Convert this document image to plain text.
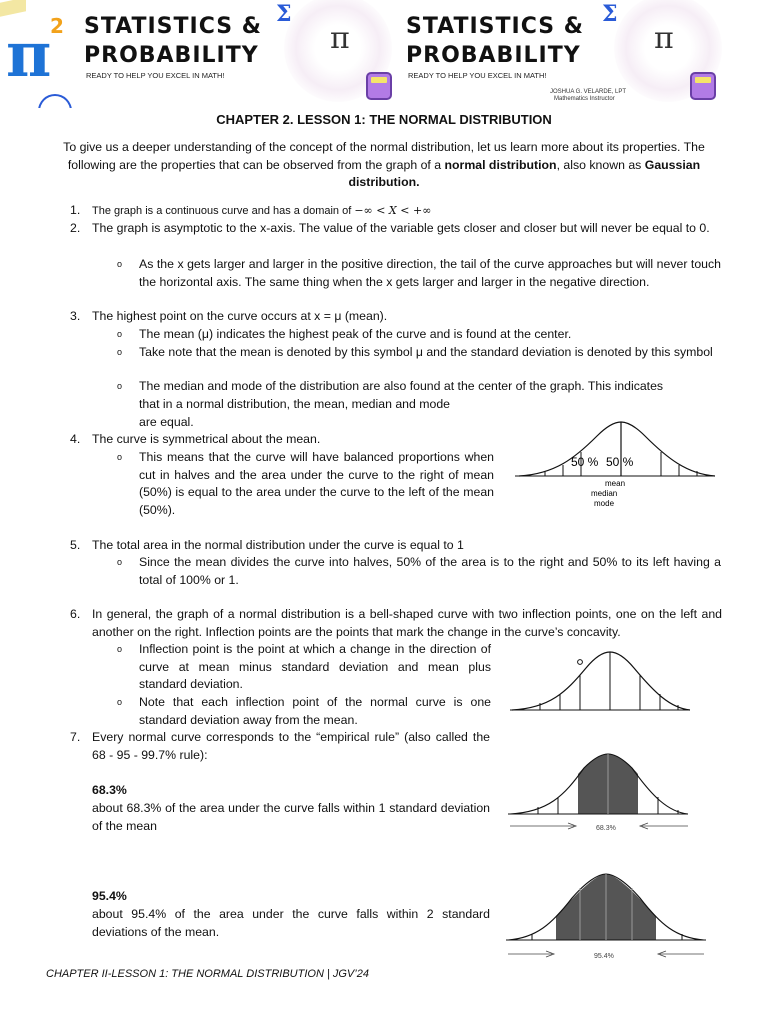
π
2 STATISTICS &
PROBABILITY
READY TO HELP YOU EXCEL IN MATH!
Σ
π	STATISTICS &
PROBABILITY
READY TO HELP YOU EXCEL IN MATH!
JOSHUA G. VELARDE, LPT
Mathematics Instructor
Σ
π
CHAPTER 2. LESSON 1: THE NORMAL DISTRIBUTION
To give us a deeper understanding of the concept of the normal distribution, let us learn more about its properties. The following are the properties that can be observed from the graph of a normal distribution, also known as Gaussian distribution.
1.	The graph is a continuous curve and has a domain of −∞ < X < +∞
2. The graph is asymptotic to the x-axis. The value of the variable gets closer and closer but will never be equal to 0.
o As the x gets larger and larger in the positive direction, the tail of the curve approaches but will never touch the horizontal axis. The same thing when the x gets larger and larger in the negative direction.
3. The highest point on the curve occurs at x = μ (mean).
o The mean (μ) indicates the highest peak of the curve and is found at the center.
o Take note that the mean is denoted by this symbol μ and the standard deviation is denoted by this symbol
o The median and mode of the distribution are also found at the center of the graph. This indicates
that in a normal distribution, the mean, median and mode
are equal.
4. The curve is symmetrical about the mean.
o This means that the curve will have balanced proportions when cut in halves and the area under the curve to the right of mean (50%) is equal to the area under the curve to the left of the mean (50%).
50 % 50 %
mean
median
mode
5. The total area in the normal distribution under the curve is equal to 1
o Since the mean divides the curve into halves, 50% of the area is to the right and 50% to its left having a total of 100% or 1.
6. In general, the graph of a normal distribution is a bell-shaped curve with two inflection points, one on the left and another on the right. Inflection points are the points that mark the change in the curve’s concavity.
o Inflection point is the point at which a change in the direction of curve at mean minus standard deviation and mean plus standard deviation.
o Note that each inflection point of the normal curve is one standard deviation away from the mean.
7. Every normal curve corresponds to the “empirical rule” (also called the 68 - 95 - 99.7% rule):
68.3%
about 68.3% of the area under the curve falls within 1 standard deviation of the mean
95.4%
about 95.4% of the area under the curve falls within 2 standard deviations of the mean.
68.3%
95.4%
CHAPTER II-LESSON 1: THE NORMAL DISTRIBUTION | JGV’24
